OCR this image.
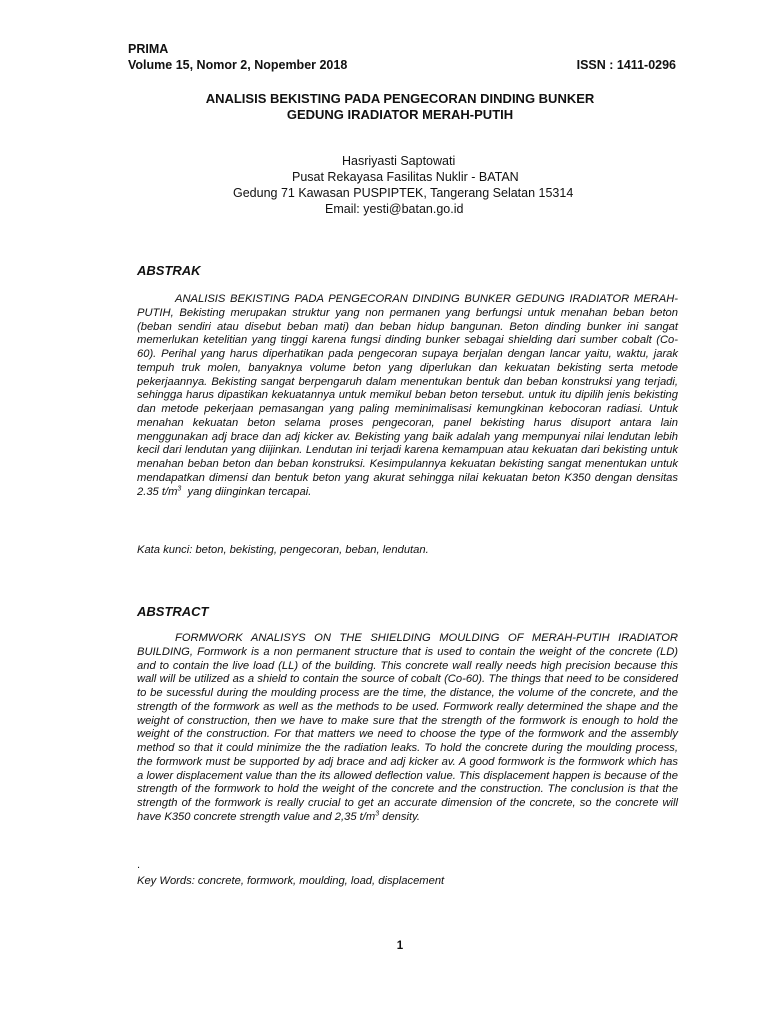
PRIMA
Volume 15, Nomor 2, Nopember 2018	ISSN : 1411-0296
ANALISIS BEKISTING PADA PENGECORAN DINDING BUNKER
GEDUNG IRADIATOR MERAH-PUTIH
Hasriyasti Saptowati
Pusat Rekayasa Fasilitas Nuklir - BATAN
Gedung 71 Kawasan PUSPIPTEK, Tangerang Selatan 15314
Email: yesti@batan.go.id
ABSTRAK

ANALISIS BEKISTING PADA PENGECORAN DINDING BUNKER GEDUNG IRADIATOR MERAH-PUTIH, Bekisting merupakan struktur yang non permanen yang berfungsi untuk menahan beban beton (beban sendiri atau disebut beban mati) dan beban hidup bangunan. Beton dinding bunker ini sangat memerlukan ketelitian yang tinggi karena fungsi dinding bunker sebagai shielding dari sumber cobalt (Co-60). Perihal yang harus diperhatikan pada pengecoran supaya berjalan dengan lancar yaitu, waktu, jarak tempuh truk molen, banyaknya volume beton yang diperlukan dan kekuatan bekisting serta metode pekerjaannya. Bekisting sangat berpengaruh dalam menentukan bentuk dan beban konstruksi yang terjadi, sehingga harus dipastikan kekuatannya untuk memikul beban beton tersebut. untuk itu dipilih jenis bekisting dan metode pekerjaan pemasangan yang paling meminimalisasi kemungkinan kebocoran radiasi. Untuk menahan kekuatan beton selama proses pengecoran, panel bekisting harus disuport antara lain menggunakan adj brace dan adj kicker av. Bekisting yang baik adalah yang mempunyai nilai lendutan lebih kecil dari lendutan yang diijinkan. Lendutan ini terjadi karena kemampuan atau kekuatan dari bekisting untuk menahan beban beton dan beban konstruksi. Kesimpulannya kekuatan bekisting sangat menentukan untuk mendapatkan dimensi dan bentuk beton yang akurat sehingga nilai kekuatan beton K350 dengan densitas 2.35 $t/m^3$ yang diinginkan tercapai.

Kata kunci: beton, bekisting, pengecoran, beban, lendutan.
ABSTRACT

FORMWORK ANALISYS ON THE SHIELDING MOULDING OF MERAH-PUTIH IRADIATOR BUILDING, Formwork is a non permanent structure that is used to contain the weight of the concrete (LD) and to contain the live load (LL) of the building. This concrete wall really needs high precision because this wall will be utilized as a shield to contain the source of cobalt (Co-60). The things that need to be considered to be sucessful during the moulding process are the time, the distance, the volume of the concrete, and the strength of the formwork as well as the methods to be used. Formwork really determined the shape and the weight of construction, then we have to make sure that the strength of the formwork is enough to hold the weight of the construction. For that matters we need to choose the type of the formwork and the assembly method so that it could minimize the the radiation leaks. To hold the concrete during the moulding process, the formwork must be supported by adj brace and adj kicker av. A good formwork is the formwork which has a lower displacement value than the its allowed deflection value. This displacement happen is because of the strength of the formwork to hold the weight of the concrete and the construction. The conclusion is that the strength of the formwork is really crucial to get an accurate dimension of the concrete, so the concrete will have K350 concrete strength value and 2,35 $t/m^3$ density.

.
Key Words: concrete, formwork, moulding, load, displacement
1
